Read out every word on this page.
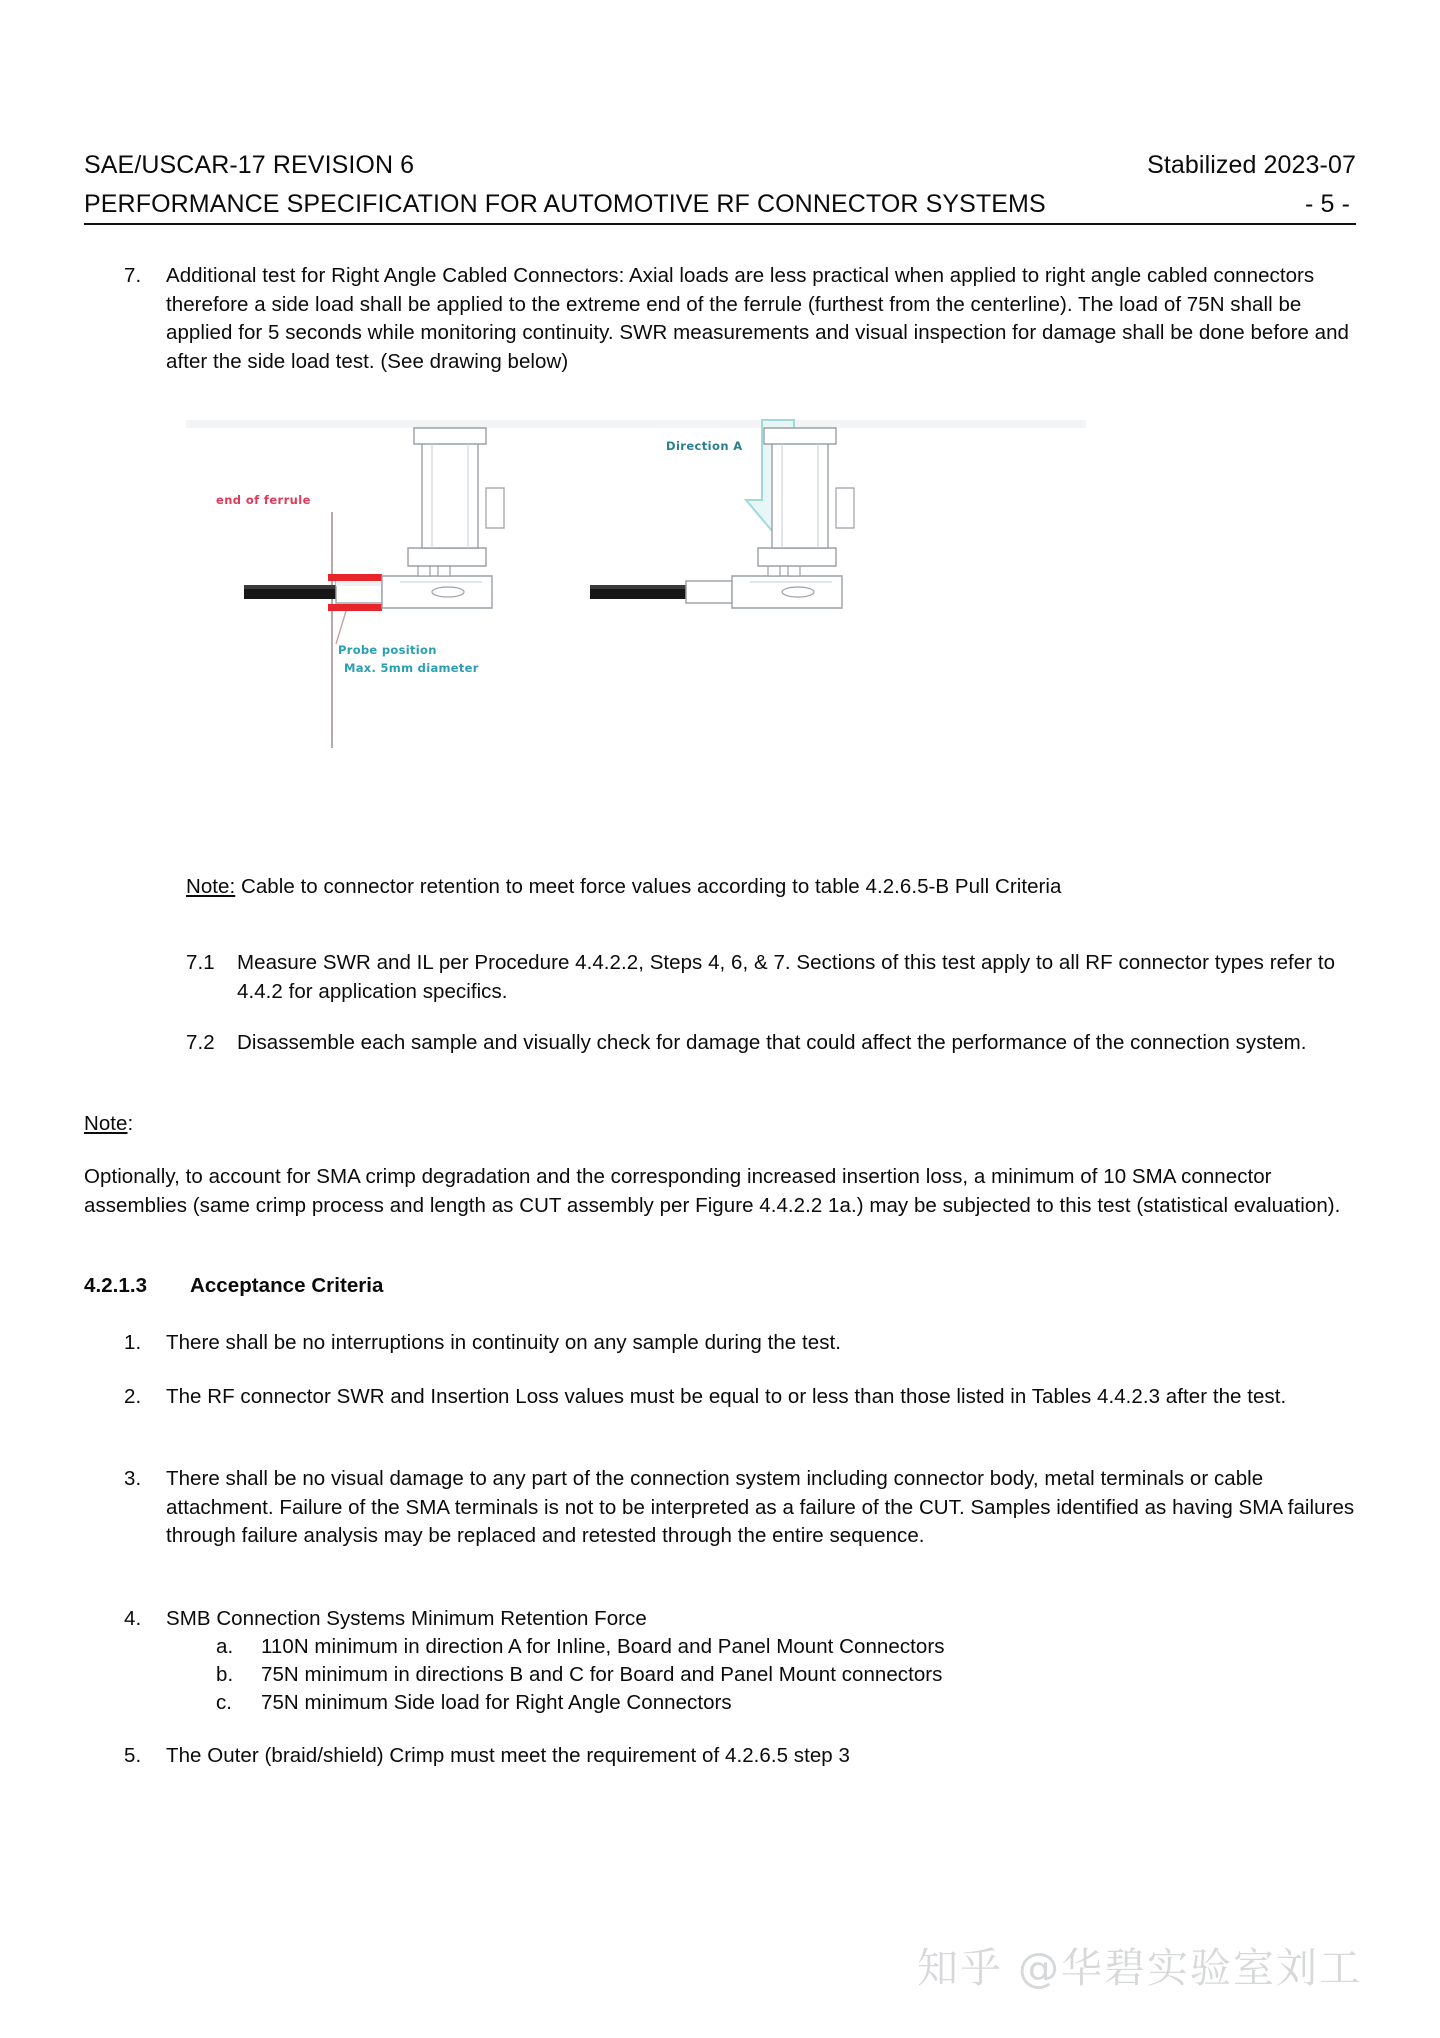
SAE/USCAR-17 REVISION 6	Stabilized 2023-07
PERFORMANCE SPECIFICATION FOR AUTOMOTIVE RF CONNECTOR SYSTEMS	- 5 -
7.	Additional test for Right Angle Cabled Connectors: Axial loads are less practical when applied to right angle cabled connectors therefore a side load shall be applied to the extreme end of the ferrule (furthest from the centerline). The load of 75N shall be applied for 5 seconds while monitoring continuity. SWR measurements and visual inspection for damage shall be done before and after the side load test. (See drawing below)
end of ferrule
Probe position
Max. 5mm diameter
Direction A
Note: Cable to connector retention to meet force values according to table 4.2.6.5-B Pull Criteria
7.1	Measure SWR and IL per Procedure 4.4.2.2, Steps 4, 6, & 7. Sections of this test apply to all RF connector types refer to 4.4.2 for application specifics.
7.2	Disassemble each sample and visually check for damage that could affect the performance of the connection system.
Note:
Optionally, to account for SMA crimp degradation and the corresponding increased insertion loss, a minimum of 10 SMA connector assemblies (same crimp process and length as CUT assembly per Figure 4.4.2.2 1a.) may be subjected to this test (statistical evaluation).
4.2.1.3 Acceptance Criteria
1.	There shall be no interruptions in continuity on any sample during the test.
2.	The RF connector SWR and Insertion Loss values must be equal to or less than those listed in Tables 4.4.2.3 after the test.
3.	There shall be no visual damage to any part of the connection system including connector body, metal terminals or cable attachment. Failure of the SMA terminals is not to be interpreted as a failure of the CUT. Samples identified as having SMA failures through failure analysis may be replaced and retested through the entire sequence.
4.	SMB Connection Systems Minimum Retention Force
a.	110N minimum in direction A for Inline, Board and Panel Mount Connectors
b.	75N minimum in directions B and C for Board and Panel Mount connectors
c.	75N minimum Side load for Right Angle Connectors
5.	The Outer (braid/shield) Crimp must meet the requirement of 4.2.6.5 step 3
知乎 @华碧实验室刘工
